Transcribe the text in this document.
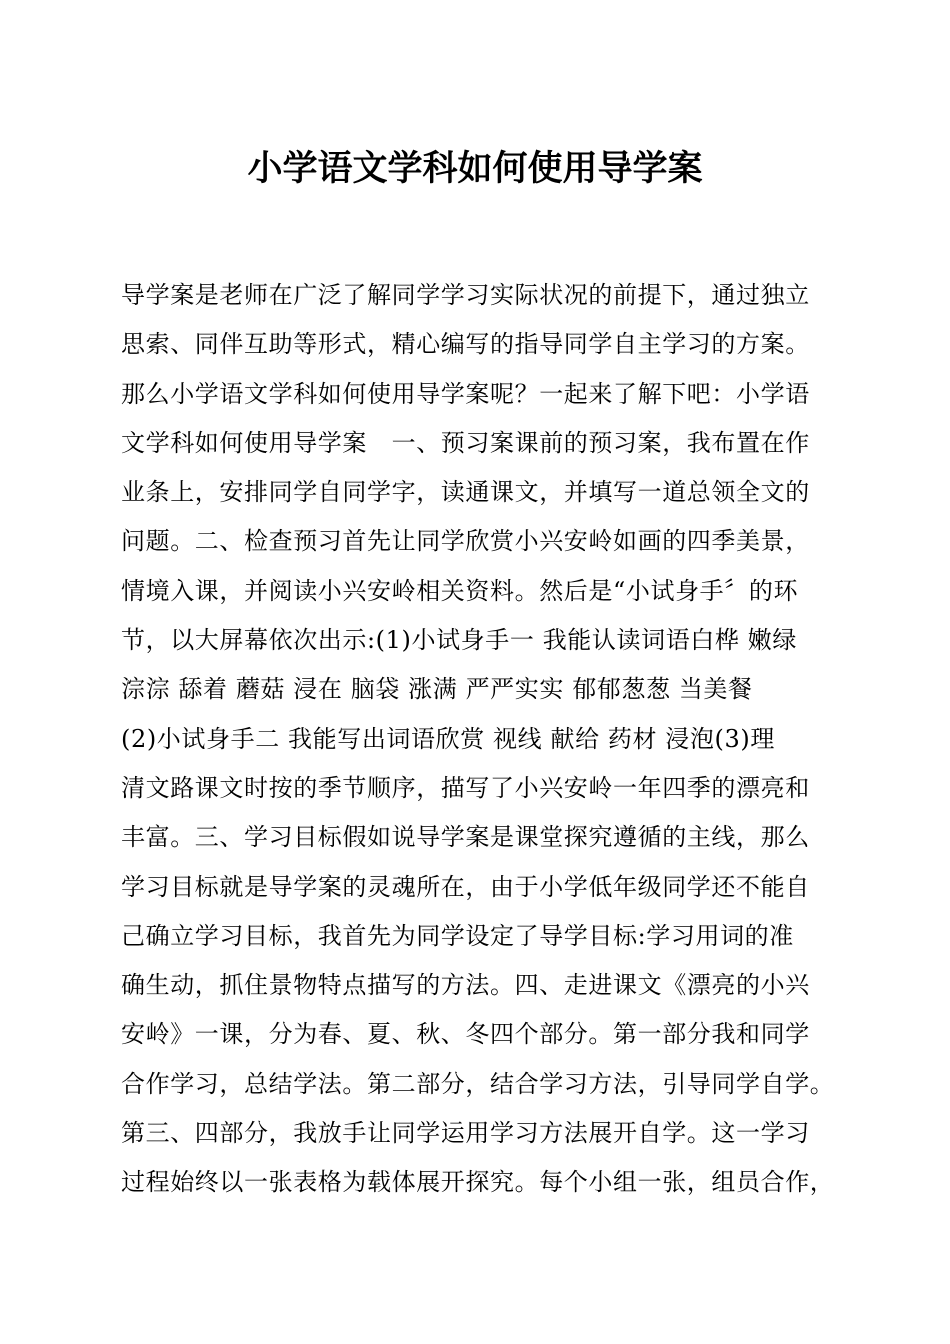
小学语文学科如何使用导学案
导学案是老师在广泛了解同学学习实际状况的前提下，通过独立
思索、同伴互助等形式，精心编写的指导同学自主学习的方案。
那么小学语文学科如何使用导学案呢？一起来了解下吧：小学语
文学科如何使用导学案　一、预习案课前的预习案，我布置在作
业条上，安排同学自同学字，读通课文，并填写一道总领全文的
问题。二、检查预习首先让同学欣赏小兴安岭如画的四季美景，
情境入课，并阅读小兴安岭相关资料。然后是“小试身手〞的环
节，以大屏幕依次出示:(1)小试身手一 我能认读词语白桦 嫩绿
淙淙 舔着 蘑菇 浸在 脑袋 涨满 严严实实 郁郁葱葱 当美餐
(2)小试身手二 我能写出词语欣赏 视线 献给 药材 浸泡(3)理
清文路课文时按的季节顺序，描写了小兴安岭一年四季的漂亮和
丰富。三、学习目标假如说导学案是课堂探究遵循的主线，那么
学习目标就是导学案的灵魂所在，由于小学低年级同学还不能自
己确立学习目标，我首先为同学设定了导学目标:学习用词的准
确生动，抓住景物特点描写的方法。四、走进课文《漂亮的小兴
安岭》一课，分为春、夏、秋、冬四个部分。第一部分我和同学
合作学习，总结学法。第二部分，结合学习方法，引导同学自学。
第三、四部分，我放手让同学运用学习方法展开自学。这一学习
过程始终以一张表格为载体展开探究。每个小组一张，组员合作，
